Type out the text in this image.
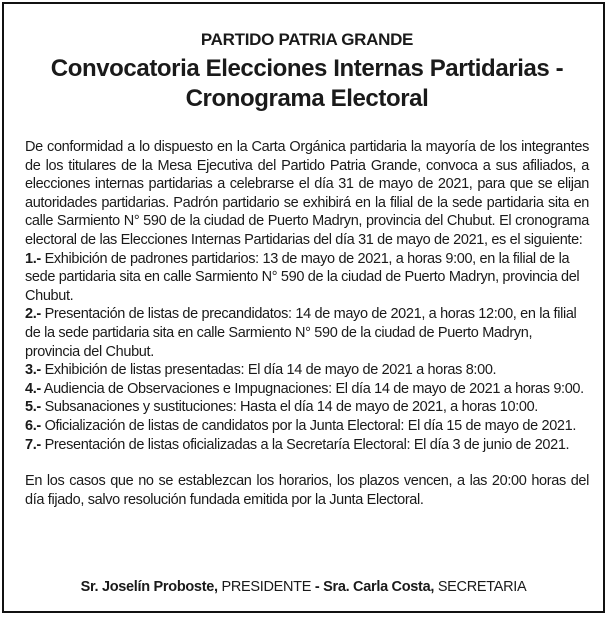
PARTIDO PATRIA GRANDE
Convocatoria Elecciones Internas Partidarias -
Cronograma Electoral

De conformidad a lo dispuesto en la Carta Orgánica partidaria la mayoría de los integrantes de los titulares de la Mesa Ejecutiva del Partido Patria Grande, convoca a sus afiliados, a elecciones internas partidarias a celebrarse el día 31 de mayo de 2021, para que se elijan autoridades partidarias. Padrón partidario se exhibirá en la filial de la sede partidaria sita en calle Sarmiento N° 590 de la ciudad de Puerto Madryn, provincia del Chubut. El cronograma electoral de las Elecciones Internas Partidarias del día 31 de mayo de 2021, es el siguiente:

1.- Exhibición de padrones partidarios: 13 de mayo de 2021, a horas 9:00, en la filial de la sede partidaria sita en calle Sarmiento N° 590 de la ciudad de Puerto Madryn, provincia del Chubut.
2.- Presentación de listas de precandidatos: 14 de mayo de 2021, a horas 12:00, en la filial de la sede partidaria sita en calle Sarmiento N° 590 de la ciudad de Puerto Madryn, provincia del Chubut.
3.- Exhibición de listas presentadas: El día 14 de mayo de 2021 a horas 8:00.
4.- Audiencia de Observaciones e Impugnaciones: El día 14 de mayo de 2021 a horas 9:00.
5.- Subsanaciones y sustituciones: Hasta el día 14 de mayo de 2021, a horas 10:00.
6.- Oficialización de listas de candidatos por la Junta Electoral: El día 15 de mayo de 2021.
7.- Presentación de listas oficializadas a la Secretaría Electoral: El día 3 de junio de 2021.

En los casos que no se establezcan los horarios, los plazos vencen, a las 20:00 horas del día fijado, salvo resolución fundada emitida por la Junta Electoral.

Sr. Joselín Proboste, PRESIDENTE - Sra. Carla Costa, SECRETARIA
